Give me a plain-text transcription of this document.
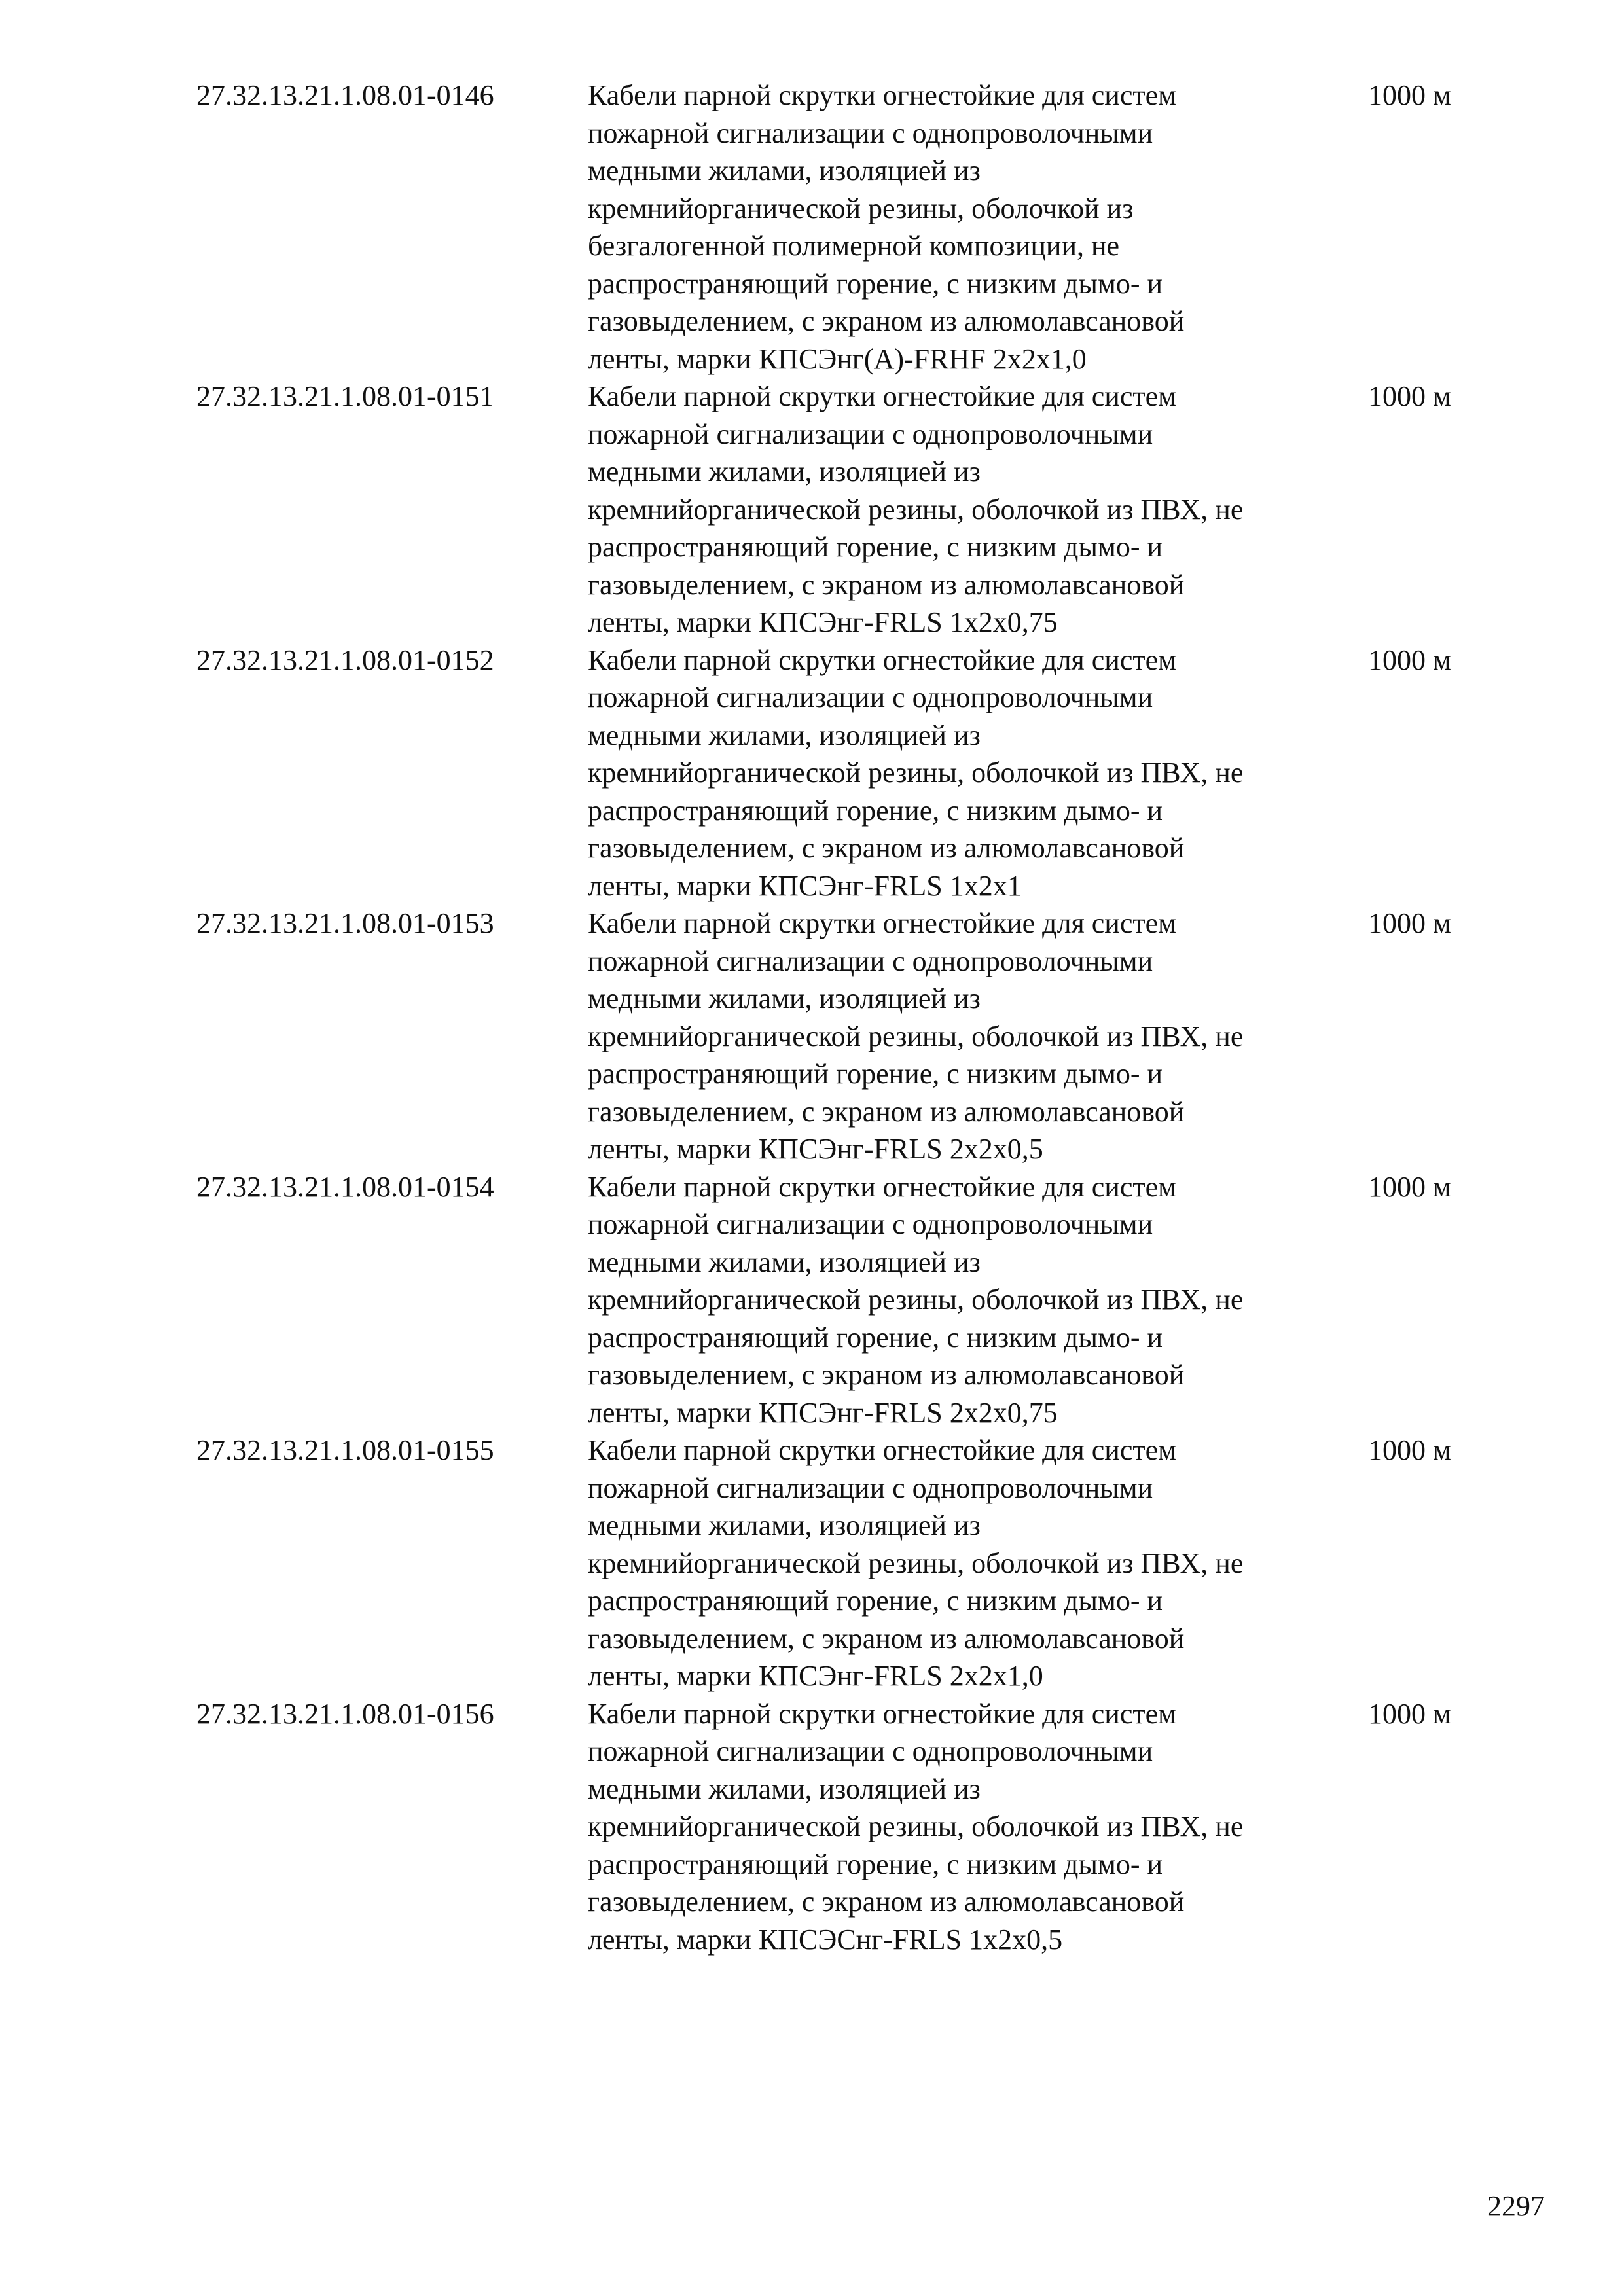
27.32.13.21.1.08.01-0146	Кабели парной скрутки огнестойкие для систем
пожарной сигнализации с однопроволочными
медными жилами, изоляцией из
кремнийорганической резины, оболочкой из
безгалогенной полимерной композиции, не
распространяющий горение, с низким дымо- и
газовыделением, с экраном из алюмолавсановой
ленты, марки КПСЭнг(А)-FRHF 2х2х1,0
1000 м
27.32.13.21.1.08.01-0151	Кабели парной скрутки огнестойкие для систем
пожарной сигнализации с однопроволочными
медными жилами, изоляцией из
кремнийорганической резины, оболочкой из ПВХ, не
распространяющий горение, с низким дымо- и
газовыделением, с экраном из алюмолавсановой
ленты, марки КПСЭнг-FRLS 1х2х0,75
1000 м
27.32.13.21.1.08.01-0152	Кабели парной скрутки огнестойкие для систем
пожарной сигнализации с однопроволочными
медными жилами, изоляцией из
кремнийорганической резины, оболочкой из ПВХ, не
распространяющий горение, с низким дымо- и
газовыделением, с экраном из алюмолавсановой
ленты, марки КПСЭнг-FRLS 1х2х1
1000 м
27.32.13.21.1.08.01-0153	Кабели парной скрутки огнестойкие для систем
пожарной сигнализации с однопроволочными
медными жилами, изоляцией из
кремнийорганической резины, оболочкой из ПВХ, не
распространяющий горение, с низким дымо- и
газовыделением, с экраном из алюмолавсановой
ленты, марки КПСЭнг-FRLS 2х2х0,5
1000 м
27.32.13.21.1.08.01-0154	Кабели парной скрутки огнестойкие для систем
пожарной сигнализации с однопроволочными
медными жилами, изоляцией из
кремнийорганической резины, оболочкой из ПВХ, не
распространяющий горение, с низким дымо- и
газовыделением, с экраном из алюмолавсановой
ленты, марки КПСЭнг-FRLS 2х2х0,75
1000 м
27.32.13.21.1.08.01-0155	Кабели парной скрутки огнестойкие для систем
пожарной сигнализации с однопроволочными
медными жилами, изоляцией из
кремнийорганической резины, оболочкой из ПВХ, не
распространяющий горение, с низким дымо- и
газовыделением, с экраном из алюмолавсановой
ленты, марки КПСЭнг-FRLS 2х2х1,0
1000 м
27.32.13.21.1.08.01-0156	Кабели парной скрутки огнестойкие для систем
пожарной сигнализации с однопроволочными
медными жилами, изоляцией из
кремнийорганической резины, оболочкой из ПВХ, не
распространяющий горение, с низким дымо- и
газовыделением, с экраном из алюмолавсановой
ленты, марки КПСЭСнг-FRLS 1х2х0,5
1000 м
2297
